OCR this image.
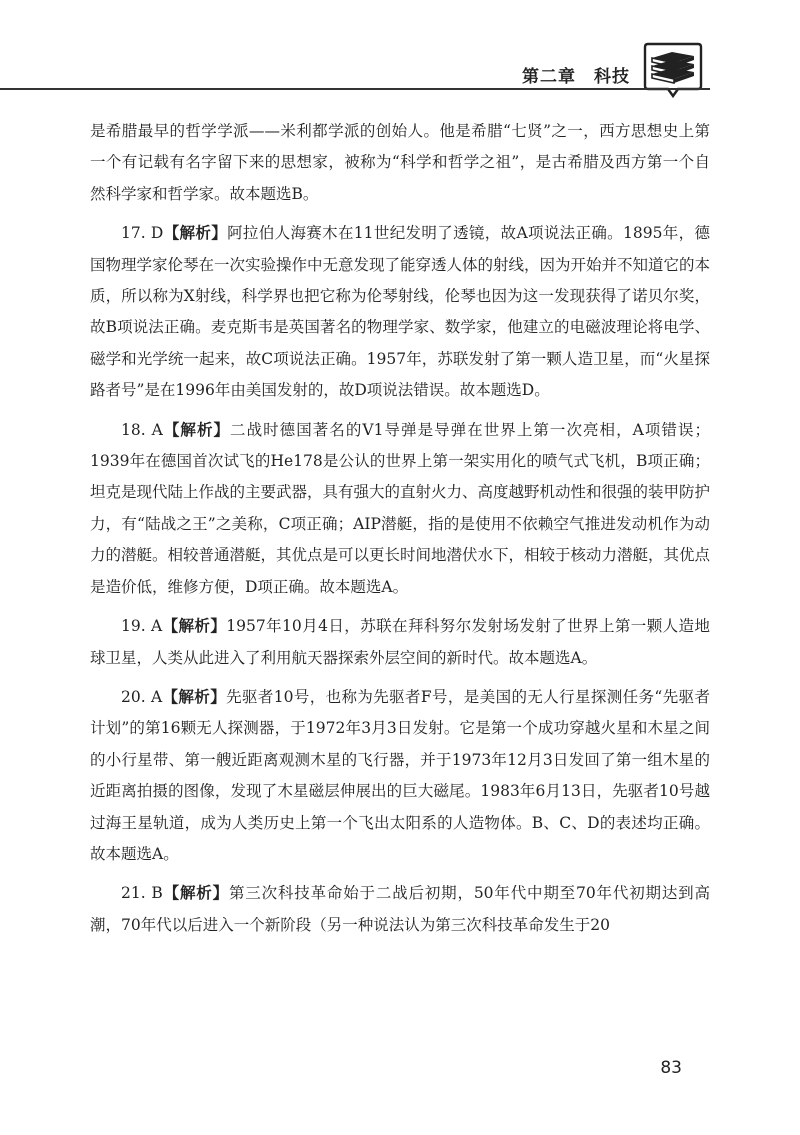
第二章　科技

是希腊最早的哲学学派——米利都学派的创始人。他是希腊“七贤”之一，西方思想史上第一个有记载有名字留下来的思想家，被称为“科学和哲学之祖”，是古希腊及西方第一个自然科学家和哲学家。故本题选B。

17. D【解析】阿拉伯人海赛木在11世纪发明了透镜，故A项说法正确。1895年，德国物理学家伦琴在一次实验操作中无意发现了能穿透人体的射线，因为开始并不知道它的本质，所以称为X射线，科学界也把它称为伦琴射线，伦琴也因为这一发现获得了诺贝尔奖，故B项说法正确。麦克斯韦是英国著名的物理学家、数学家，他建立的电磁波理论将电学、磁学和光学统一起来，故C项说法正确。1957年，苏联发射了第一颗人造卫星，而“火星探路者号”是在1996年由美国发射的，故D项说法错误。故本题选D。

18. A【解析】二战时德国著名的V1导弹是导弹在世界上第一次亮相，A项错误；1939年在德国首次试飞的He178是公认的世界上第一架实用化的喷气式飞机，B项正确；坦克是现代陆上作战的主要武器，具有强大的直射火力、高度越野机动性和很强的装甲防护力，有“陆战之王”之美称，C项正确；AIP潜艇，指的是使用不依赖空气推进发动机作为动力的潜艇。相较普通潜艇，其优点是可以更长时间地潜伏水下，相较于核动力潜艇，其优点是造价低，维修方便，D项正确。故本题选A。

19. A【解析】1957年10月4日，苏联在拜科努尔发射场发射了世界上第一颗人造地球卫星，人类从此进入了利用航天器探索外层空间的新时代。故本题选A。

20. A【解析】先驱者10号，也称为先驱者F号，是美国的无人行星探测任务“先驱者计划”的第16颗无人探测器，于1972年3月3日发射。它是第一个成功穿越火星和木星之间的小行星带、第一艘近距离观测木星的飞行器，并于1973年12月3日发回了第一组木星的近距离拍摄的图像，发现了木星磁层伸展出的巨大磁尾。1983年6月13日，先驱者10号越过海王星轨道，成为人类历史上第一个飞出太阳系的人造物体。B、C、D的表述均正确。故本题选A。

21. B【解析】第三次科技革命始于二战后初期，50年代中期至70年代初期达到高潮，70年代以后进入一个新阶段（另一种说法认为第三次科技革命发生于20

83
